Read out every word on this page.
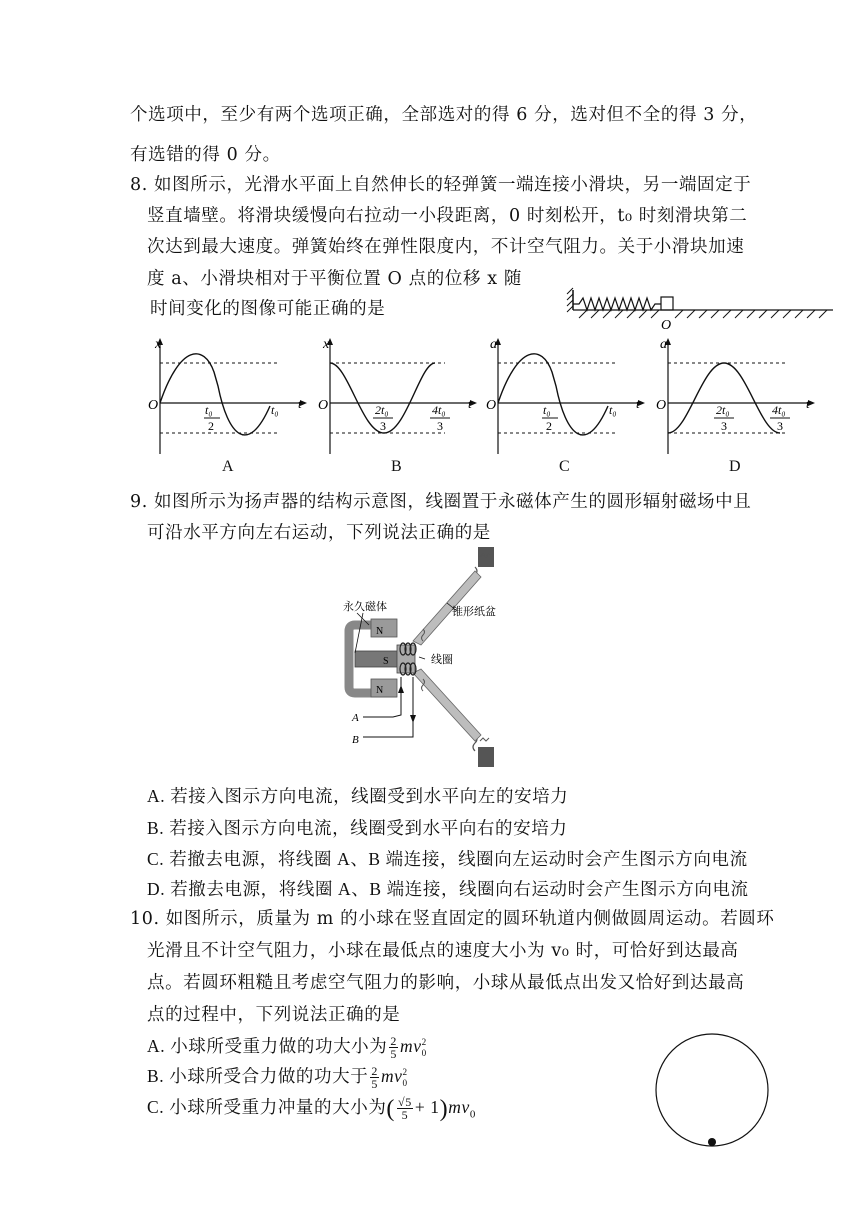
个选项中，至少有两个选项正确，全部选对的得 6 分，选对但不全的得 3 分，
有选错的得 0 分。
8. 如图所示，光滑水平面上自然伸长的轻弹簧一端连接小滑块，另一端固定于
竖直墙壁。将滑块缓慢向右拉动一小段距离，0 时刻松开，t₀ 时刻滑块第二
次达到最大速度。弹簧始终在弹性限度内，不计空气阻力。关于小滑块加速
度 a、小滑块相对于平衡位置 O 点的位移 x 随
时间变化的图像可能正确的是
O
x
O	t
t₀
2
t₀
A
x
O	t
2t₀
3
4t₀
3
B
a
O	t
t₀
2
t₀
C
a
O	t
2t₀
3
4t₀
3
D
9. 如图所示为扬声器的结构示意图，线圈置于永磁体产生的圆形辐射磁场中且
可沿水平方向左右运动，下列说法正确的是
永久磁体	锥形纸盆
线圈
N
S
N
A
B
A. 若接入图示方向电流，线圈受到水平向左的安培力
B. 若接入图示方向电流，线圈受到水平向右的安培力
C. 若撤去电源，将线圈 A、B 端连接，线圈向左运动时会产生图示方向电流
D. 若撤去电源，将线圈 A、B 端连接，线圈向右运动时会产生图示方向电流
10. 如图所示，质量为 m 的小球在竖直固定的圆环轨道内侧做圆周运动。若圆环
光滑且不计空气阻力，小球在最低点的速度大小为 v₀ 时，可恰好到达最高
点。若圆环粗糙且考虑空气阻力的影响，小球从最低点出发又恰好到达最高
点的过程中，下列说法正确的是
A. 小球所受重力做的功大小为 $\frac{2}{5}$ mv 2
0
B. 小球所受合力做的功大于 $\frac{2}{5}$ mv 2
0
C. 小球所受重力冲量的大小为( $\frac{√5}{5} + 1)mv_0$
